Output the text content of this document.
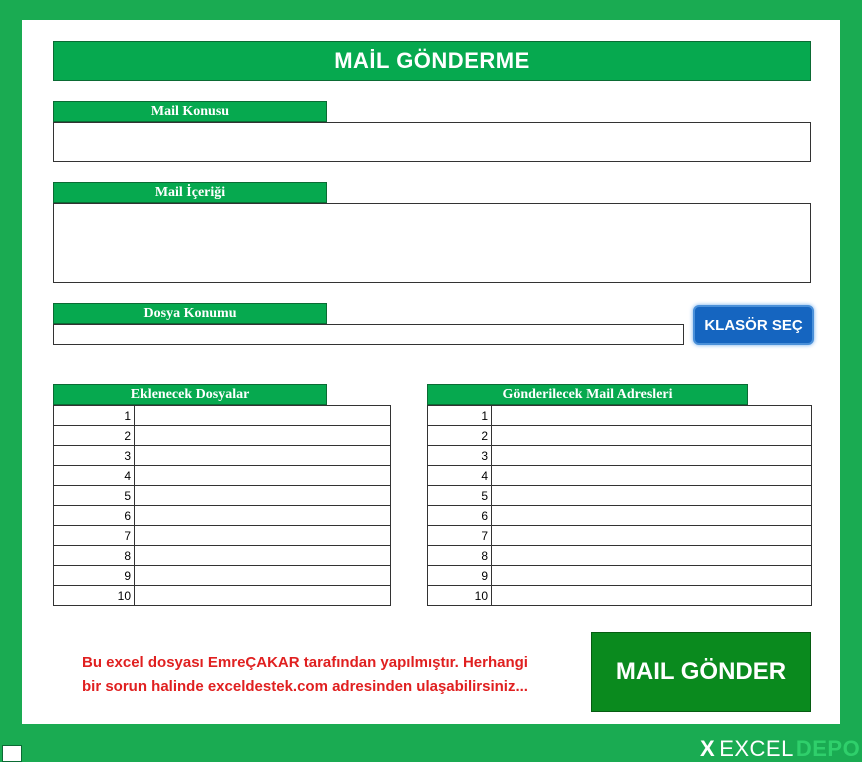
MAİL GÖNDERME
Mail Konusu
Mail İçeriği
Dosya Konumu
KLASÖR SEÇ
Eklenecek Dosyalar
1	
2	
3	
4	
5	
6	
7	
8	
9	
10	
Gönderilecek Mail Adresleri
1	
2	
3	
4	
5	
6	
7	
8	
9	
10	
Bu excel dosyası EmreÇAKAR tarafından yapılmıştır. Herhangi
bir sorun halinde exceldestek.com adresinden ulaşabilirsiniz...
MAIL GÖNDER
X EXCEL DEPO
